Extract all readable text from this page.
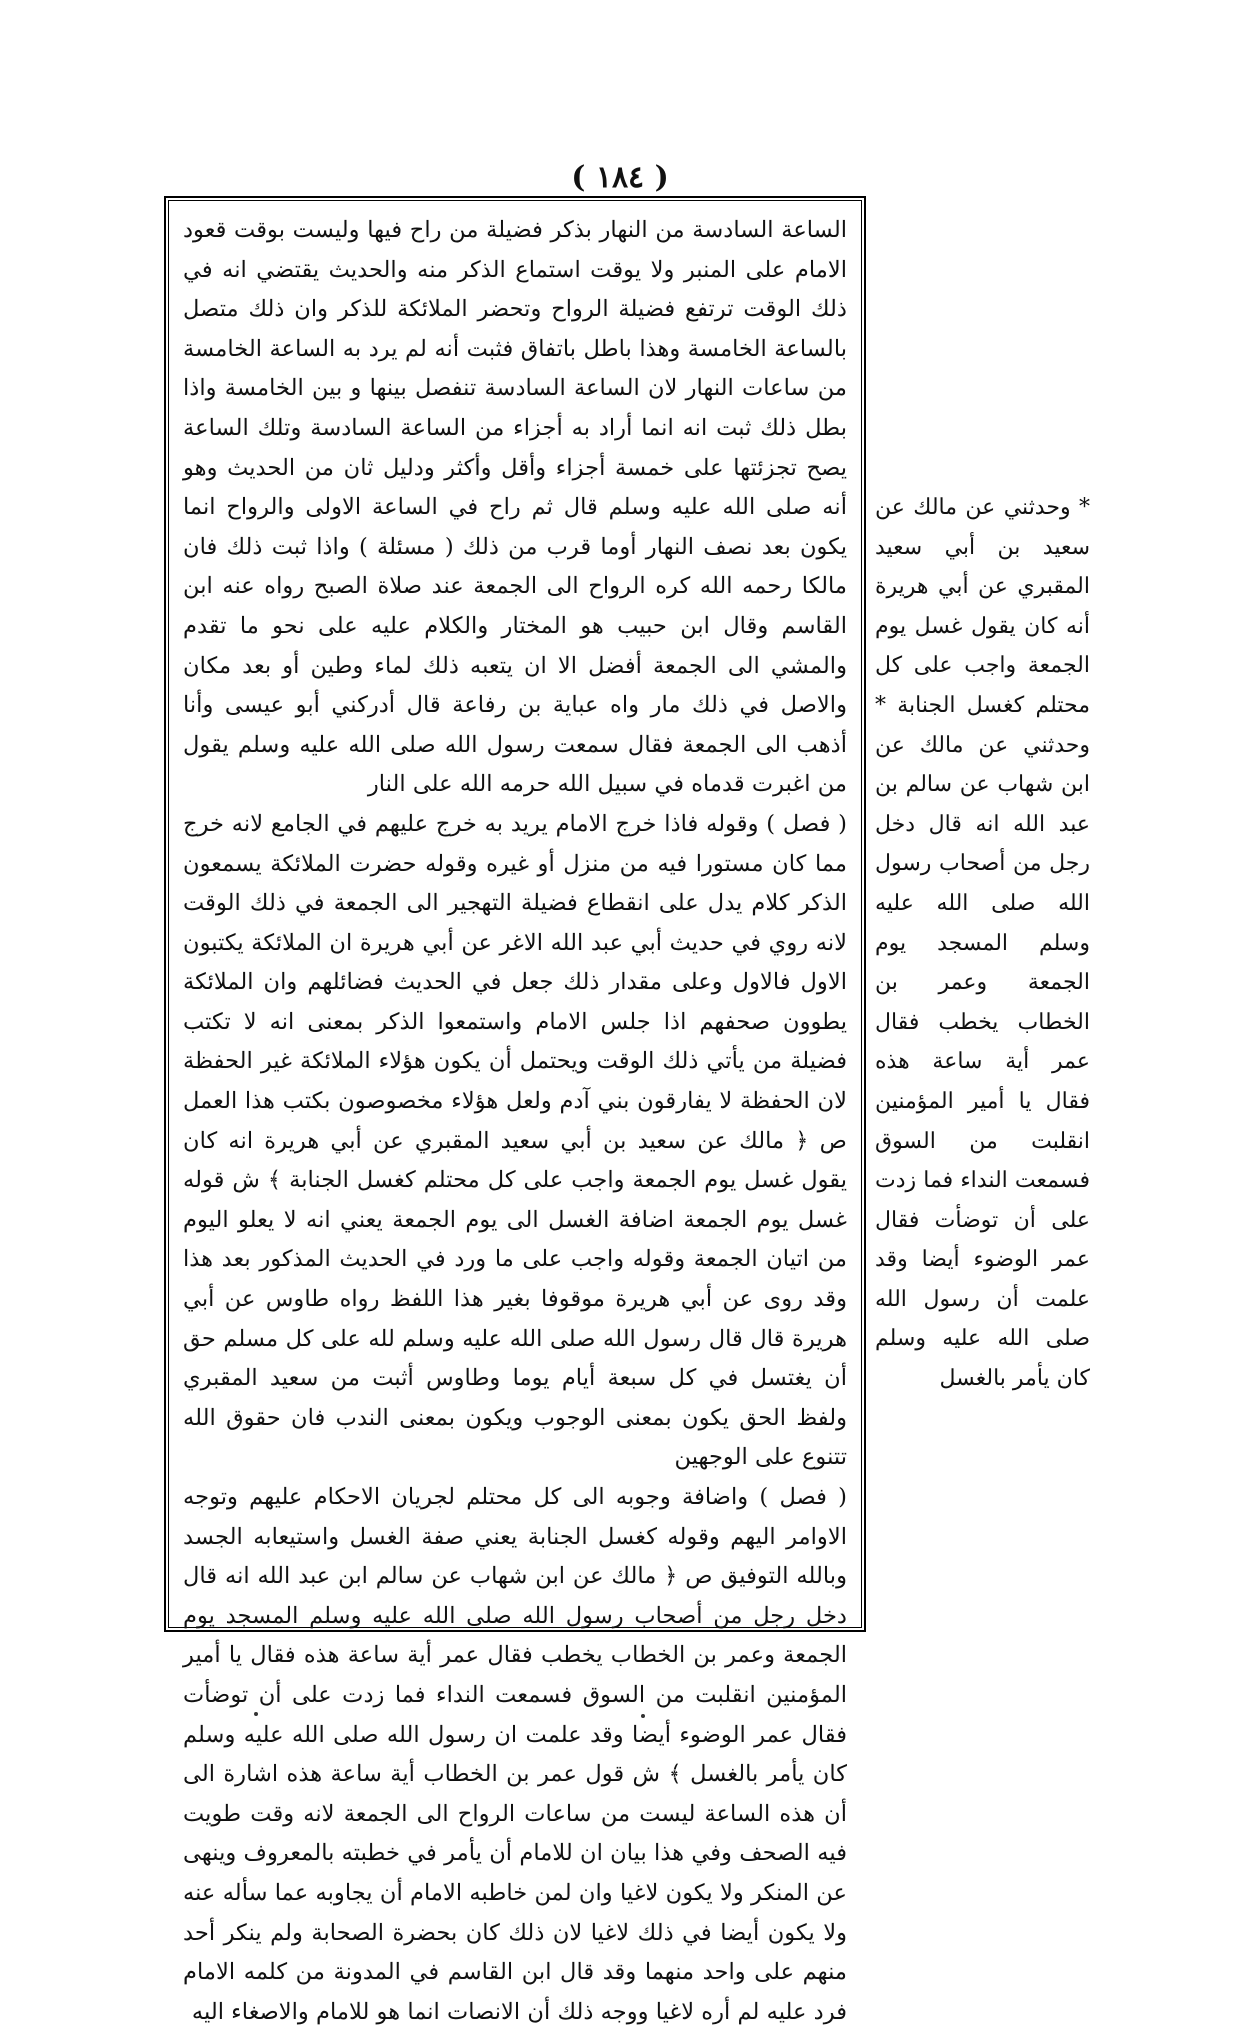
( ١٨٤ )

الساعة السادسة من النهار بذكر فضيلة من راح فيها وليست بوقت قعود الامام على المنبر ولا يوقت استماع الذكر منه والحديث يقتضي انه في ذلك الوقت ترتفع فضيلة الرواح وتحضر الملائكة للذكر وان ذلك متصل بالساعة الخامسة وهذا باطل باتفاق فثبت أنه لم يرد به الساعة الخامسة من ساعات النهار لان الساعة السادسة تنفصل بينها و بين الخامسة واذا بطل ذلك ثبت انه انما أراد به أجزاء من الساعة السادسة وتلك الساعة يصح تجزئتها على خمسة أجزاء وأقل وأكثر ودليل ثان من الحديث وهو أنه صلى الله عليه وسلم قال ثم راح في الساعة الاولى والرواح انما يكون بعد نصف النهار أوما قرب من ذلك ( مسئلة ) واذا ثبت ذلك فان مالكا رحمه الله كره الرواح الى الجمعة عند صلاة الصبح رواه عنه ابن القاسم وقال ابن حبيب هو المختار والكلام عليه على نحو ما تقدم والمشي الى الجمعة أفضل الا ان يتعبه ذلك لماء وطين أو بعد مكان والاصل في ذلك مار واه عباية بن رفاعة قال أدركني أبو عيسى وأنا أذهب الى الجمعة فقال سمعت رسول الله صلى الله عليه وسلم يقول من اغبرت قدماه في سبيل الله حرمه الله على النار

( فصل ) وقوله فاذا خرج الامام يريد به خرج عليهم في الجامع لانه خرج مما كان مستورا فيه من منزل أو غيره وقوله حضرت الملائكة يسمعون الذكر كلام يدل على انقطاع فضيلة التهجير الى الجمعة في ذلك الوقت لانه روي في حديث أبي عبد الله الاغر عن أبي هريرة ان الملائكة يكتبون الاول فالاول وعلى مقدار ذلك جعل في الحديث فضائلهم وان الملائكة يطوون صحفهم اذا جلس الامام واستمعوا الذكر بمعنى انه لا تكتب فضيلة من يأتي ذلك الوقت ويحتمل أن يكون هؤلاء الملائكة غير الحفظة لان الحفظة لا يفارقون بني آدم ولعل هؤلاء مخصوصون بكتب هذا العمل ص ﴿ مالك عن سعيد بن أبي سعيد المقبري عن أبي هريرة انه كان يقول غسل يوم الجمعة واجب على كل محتلم كغسل الجنابة ﴾ ش قوله غسل يوم الجمعة اضافة الغسل الى يوم الجمعة يعني انه لا يعلو اليوم من اتيان الجمعة وقوله واجب على ما ورد في الحديث المذكور بعد هذا وقد روى عن أبي هريرة موقوفا بغير هذا اللفظ رواه طاوس عن أبي هريرة قال قال رسول الله صلى الله عليه وسلم لله على كل مسلم حق أن يغتسل في كل سبعة أيام يوما وطاوس أثبت من سعيد المقبري ولفظ الحق يكون بمعنى الوجوب ويكون بمعنى الندب فان حقوق الله تتنوع على الوجهين

( فصل ) واضافة وجوبه الى كل محتلم لجريان الاحكام عليهم وتوجه الاوامر اليهم وقوله كغسل الجنابة يعني صفة الغسل واستيعابه الجسد وبالله التوفيق ص ﴿ مالك عن ابن شهاب عن سالم ابن عبد الله انه قال دخل رجل من أصحاب رسول الله صلى الله عليه وسلم المسجد يوم الجمعة وعمر بن الخطاب يخطب فقال عمر أية ساعة هذه فقال يا أمير المؤمنين انقلبت من السوق فسمعت النداء فما زدت على أن توضأت فقال عمر الوضوء أيضا وقد علمت ان رسول الله صلى الله عليه وسلم كان يأمر بالغسل ﴾ ش قول عمر بن الخطاب أية ساعة هذه اشارة الى أن هذه الساعة ليست من ساعات الرواح الى الجمعة لانه وقت طويت فيه الصحف وفي هذا بيان ان للامام أن يأمر في خطبته بالمعروف وينهى عن المنكر ولا يكون لاغيا وان لمن خاطبه الامام أن يجاوبه عما سأله عنه ولا يكون أيضا في ذلك لاغيا لان ذلك كان بحضرة الصحابة ولم ينكر أحد منهم على واحد منهما وقد قال ابن القاسم في المدونة من كلمه الامام فرد عليه لم أره لاغيا ووجه ذلك أن الانصات انما هو للامام والاصغاء اليه

* وحدثني عن مالك عن سعيد بن أبي سعيد المقبري عن أبي هريرة أنه كان يقول غسل يوم الجمعة واجب على كل محتلم كغسل الجنابة * وحدثني عن مالك عن ابن شهاب عن سالم بن عبد الله انه قال دخل رجل من أصحاب رسول الله صلى الله عليه وسلم المسجد يوم الجمعة وعمر بن الخطاب يخطب فقال عمر أية ساعة هذه فقال يا أمير المؤمنين انقلبت من السوق فسمعت النداء فما زدت على أن توضأت فقال عمر الوضوء أيضا وقد علمت أن رسول الله صلى الله عليه وسلم كان يأمر بالغسل
